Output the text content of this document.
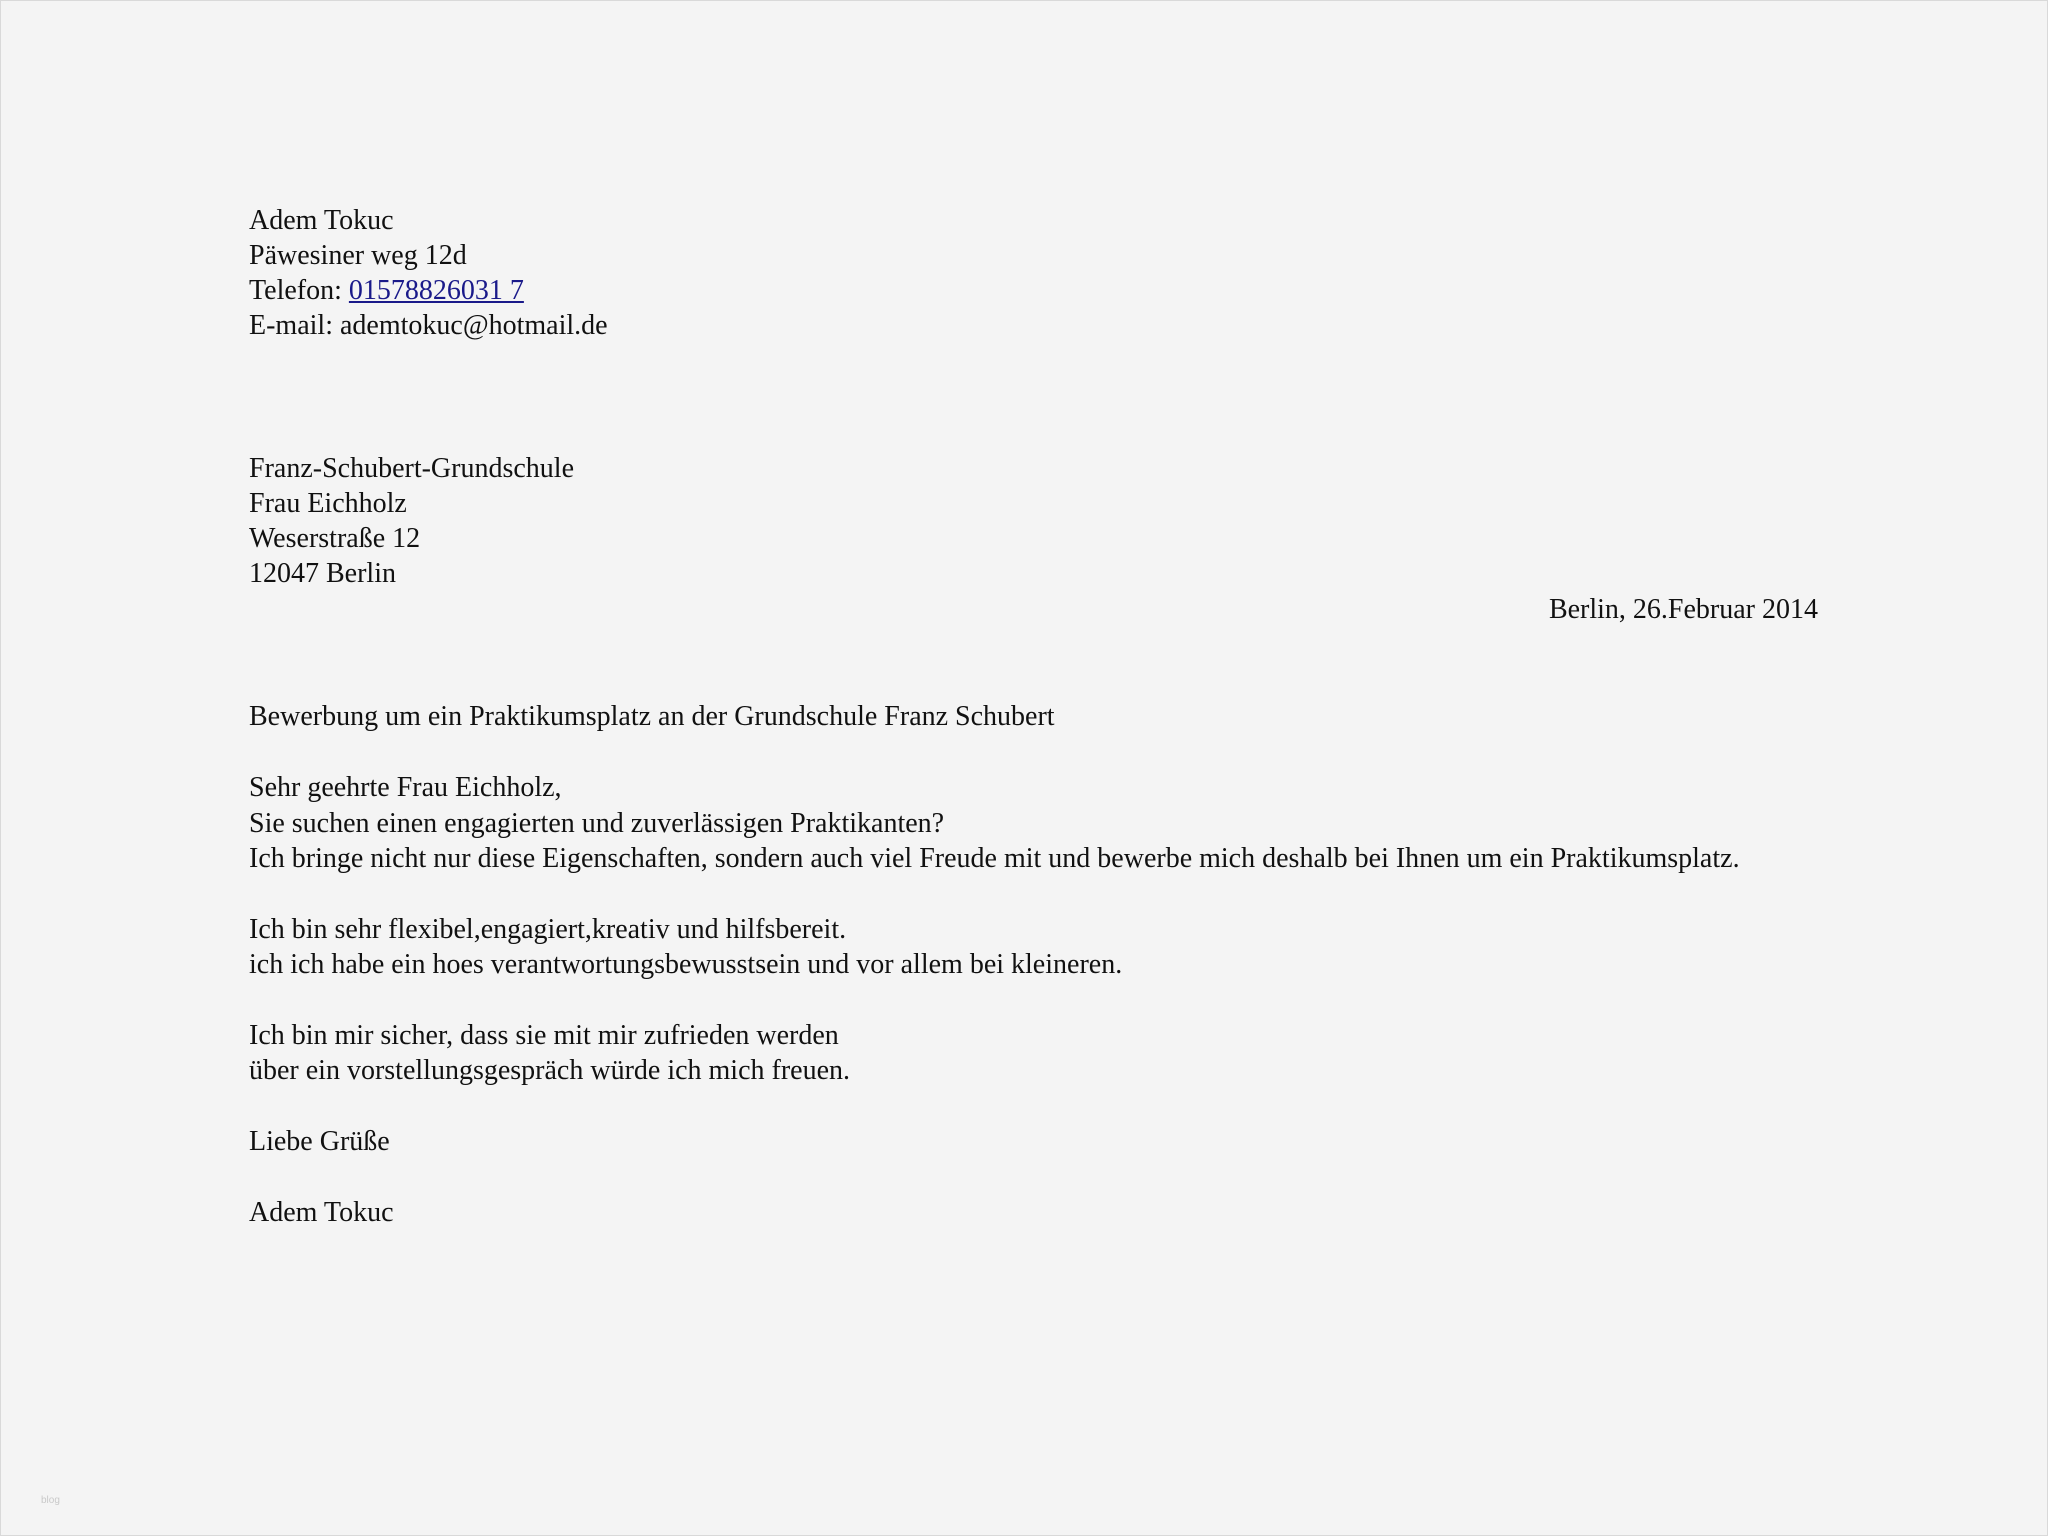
Adem Tokuc
Päwesiner weg 12d
Telefon: 01578826031 7
E-mail: ademtokuc@hotmail.de
Franz-Schubert-Grundschule
Frau Eichholz
Weserstraße 12
12047 Berlin
Berlin, 26.Februar 2014
Bewerbung um ein Praktikumsplatz an der Grundschule Franz Schubert
Sehr geehrte Frau Eichholz,
Sie suchen einen engagierten und zuverlässigen Praktikanten?
Ich bringe nicht nur diese Eigenschaften, sondern auch viel Freude mit und bewerbe mich deshalb bei Ihnen um ein Praktikumsplatz.
Ich bin sehr flexibel,engagiert,kreativ und hilfsbereit.
ich ich habe ein hoes verantwortungsbewusstsein und vor allem bei kleineren.
Ich bin mir sicher, dass sie mit mir zufrieden werden
über ein vorstellungsgespräch würde ich mich freuen.
Liebe Grüße
Adem Tokuc
blog
